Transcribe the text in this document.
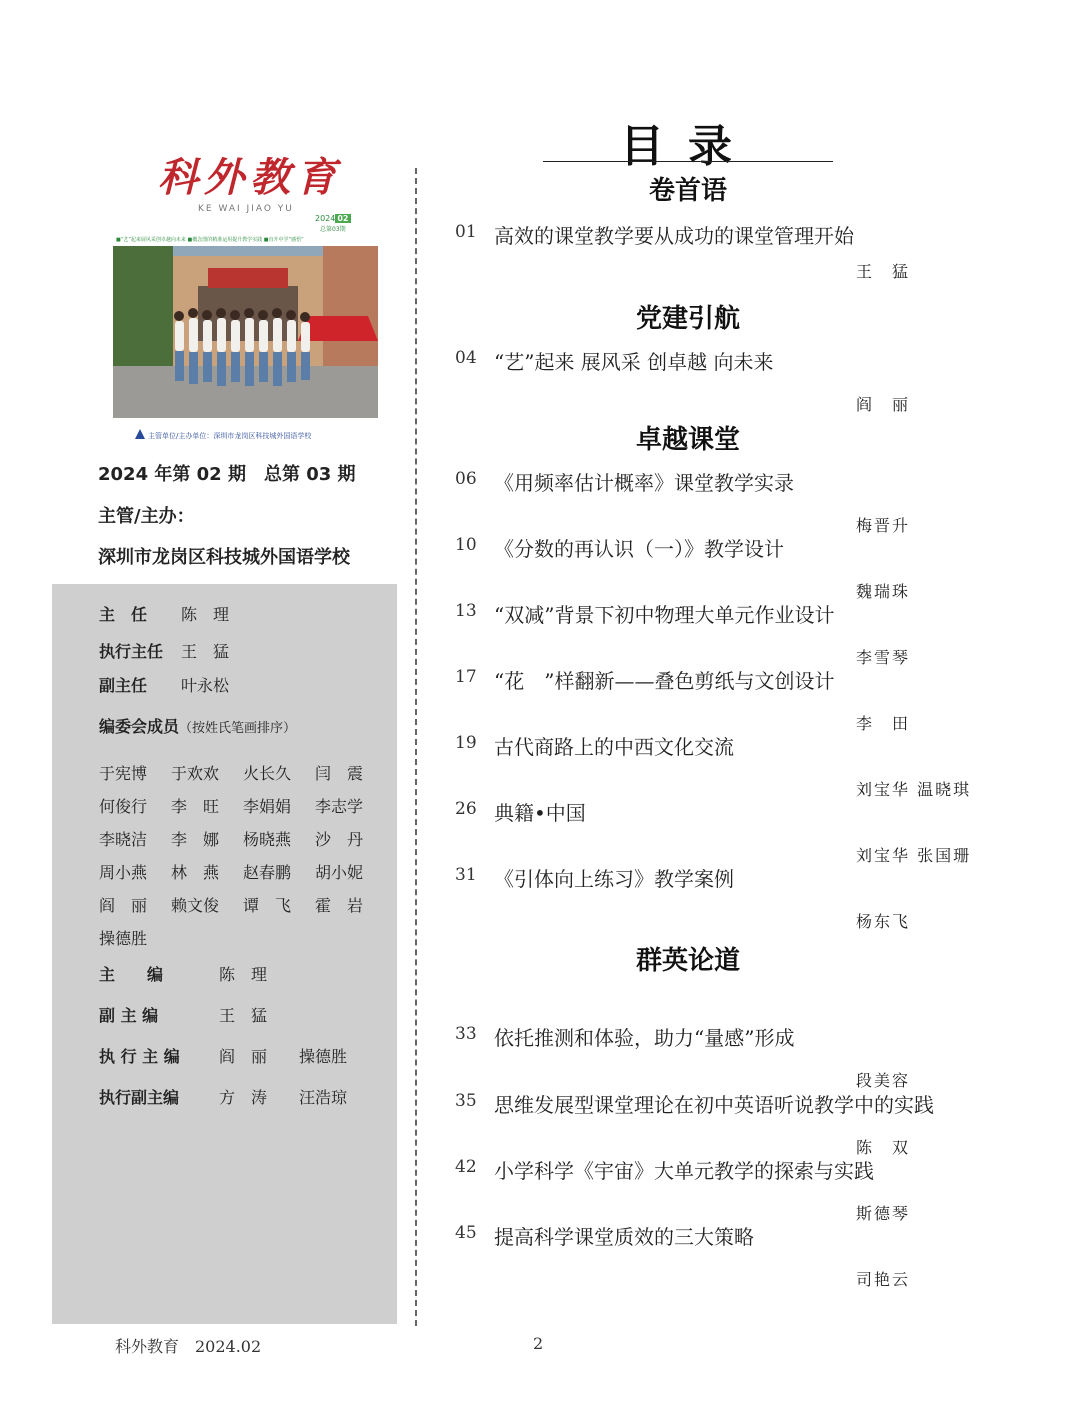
科外教育
KE WAI JIAO YU
2024 02
总第03期
■“艺”起来展风采创卓越向未来 ■概念图的精准运用提升教学实践 ■直升中学“感悟”
主管单位/主办单位：深圳市龙岗区科技城外国语学校
2024 年第 02 期　总第 03 期
主管/主办：
深圳市龙岗区科技城外国语学校
主　任 陈　理
执行主任 王　猛
副主任 叶永松
编委会成员（按姓氏笔画排序）
于宪博	于欢欢	火长久	闫　震
何俊行	李　旺	李娟娟	李志学
李晓洁	李　娜	杨晓燕	沙　丹
周小燕	林　燕	赵春鹏	胡小妮
阎　丽	赖文俊	谭　飞	霍　岩
操德胜
主　　编	陈　理
副 主 编	王　猛
执 行 主 编 阎　丽　　操德胜
执行副主编 方　涛　　汪浩琼
目录
卷首语
01 高效的课堂教学要从成功的课堂管理开始
王　猛
党建引航
04 “艺”起来 展风采 创卓越 向未来
阎　丽
卓越课堂
06 《用频率估计概率》课堂教学实录
梅晋升
10 《分数的再认识（一）》教学设计
魏瑞珠
13 “双减”背景下初中物理大单元作业设计
李雪琴
17 “花　”样翻新——叠色剪纸与文创设计
李　田
19 古代商路上的中西文化交流
刘宝华 温晓琪
26 典籍•中国
刘宝华 张国珊
31 《引体向上练习》教学案例
杨东飞
群英论道
33 依托推测和体验，助力“量感”形成
段美容
35 思维发展型课堂理论在初中英语听说教学中的实践
陈　双
42 小学科学《宇宙》大单元教学的探索与实践
斯德琴
45 提高科学课堂质效的三大策略
司艳云
科外教育　2024.02	2
